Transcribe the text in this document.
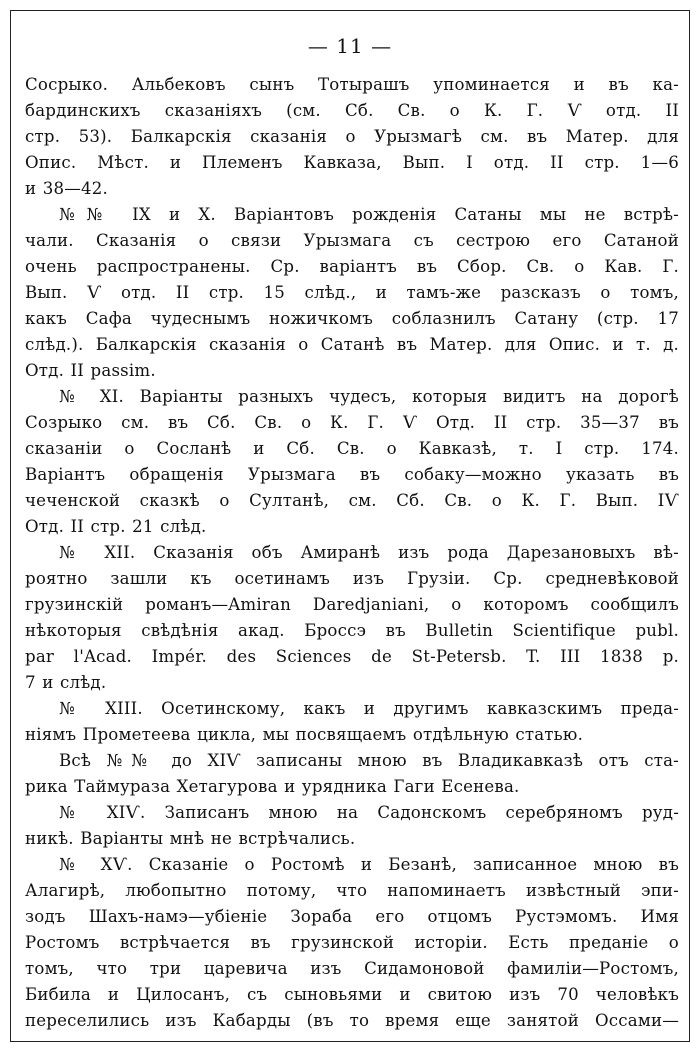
— 11 —
Сосрыко. Альбековъ сынъ Тотырашъ упоминается и въ ка-
бардинскихъ сказаніяхъ (см. Сб. Св. о К. Г. Ѵ отд. II
стр. 53). Балкарскія сказанія о Урызмагѣ см. въ Матер. для
Опис. Мѣст. и Племенъ Кавказа, Вып. I отд. II стр. 1—6
и 38—42.
№№ IX и X. Варіантовъ рожденія Сатаны мы не встрѣ-
чали. Сказанія о связи Урызмага съ сестрою его Сатаной
очень распространены. Ср. варіантъ въ Сбор. Св. о Кав. Г.
Вып. Ѵ отд. II стр. 15 слѣд., и тамъ-же разсказъ о томъ,
какъ Сафа чудеснымъ ножичкомъ соблазнилъ Сатану (стр. 17
слѣд.). Балкарскія сказанія о Сатанѣ въ Матер. для Опис. и т. д.
Отд. II passim.
№ XI. Варіанты разныхъ чудесъ, которыя видитъ на дорогѣ
Созрыко см. въ Сб. Св. о К. Г. Ѵ Отд. II стр. 35—37 въ
сказаніи о Сосланѣ и Сб. Св. о Кавказѣ, т. I стр. 174.
Варіантъ обращенія Урызмага въ собаку—можно указать въ
чеченской сказкѣ о Султанѣ, см. Сб. Св. о К. Г. Вып. IѴ
Отд. II стр. 21 слѣд.
№ XII. Сказанія объ Амиранѣ изъ рода Дарезановыхъ вѣ-
роятно зашли къ осетинамъ изъ Грузіи. Ср. средневѣковой
грузинскій романъ—Amiran Daredjaniani, о которомъ сообщилъ
нѣкоторыя свѣдѣнія акад. Броссэ въ Bulletin Scientifique publ.
par l'Acad. Impér. des Sciences de St-Petersb. T. III 1838 p.
7 и слѣд.
№ XIII. Осетинскому, какъ и другимъ кавказскимъ преда-
ніямъ Прометеева цикла, мы посвящаемъ отдѣльную статью.
Всѣ №№ до XIѴ записаны мною въ Владикавказѣ отъ ста-
рика Таймураза Хетагурова и урядника Гаги Есенева.
№ XIѴ. Записанъ мною на Садонскомъ серебряномъ руд-
никѣ. Варіанты мнѣ не встрѣчались.
№ XѴ. Сказаніе о Ростомѣ и Безанѣ, записанное мною въ
Алагирѣ, любопытно потому, что напоминаетъ извѣстный эпи-
зодъ Шахъ-намэ—убіеніе Зораба его отцомъ Рустэмомъ. Имя
Ростомъ встрѣчается въ грузинской исторіи. Есть преданіе о
томъ, что три царевича изъ Сидамоновой фамиліи—Ростомъ,
Бибила и Цилосанъ, съ сыновьями и свитою изъ 70 человѣкъ
переселились изъ Кабарды (въ то время еще занятой Оссами—
